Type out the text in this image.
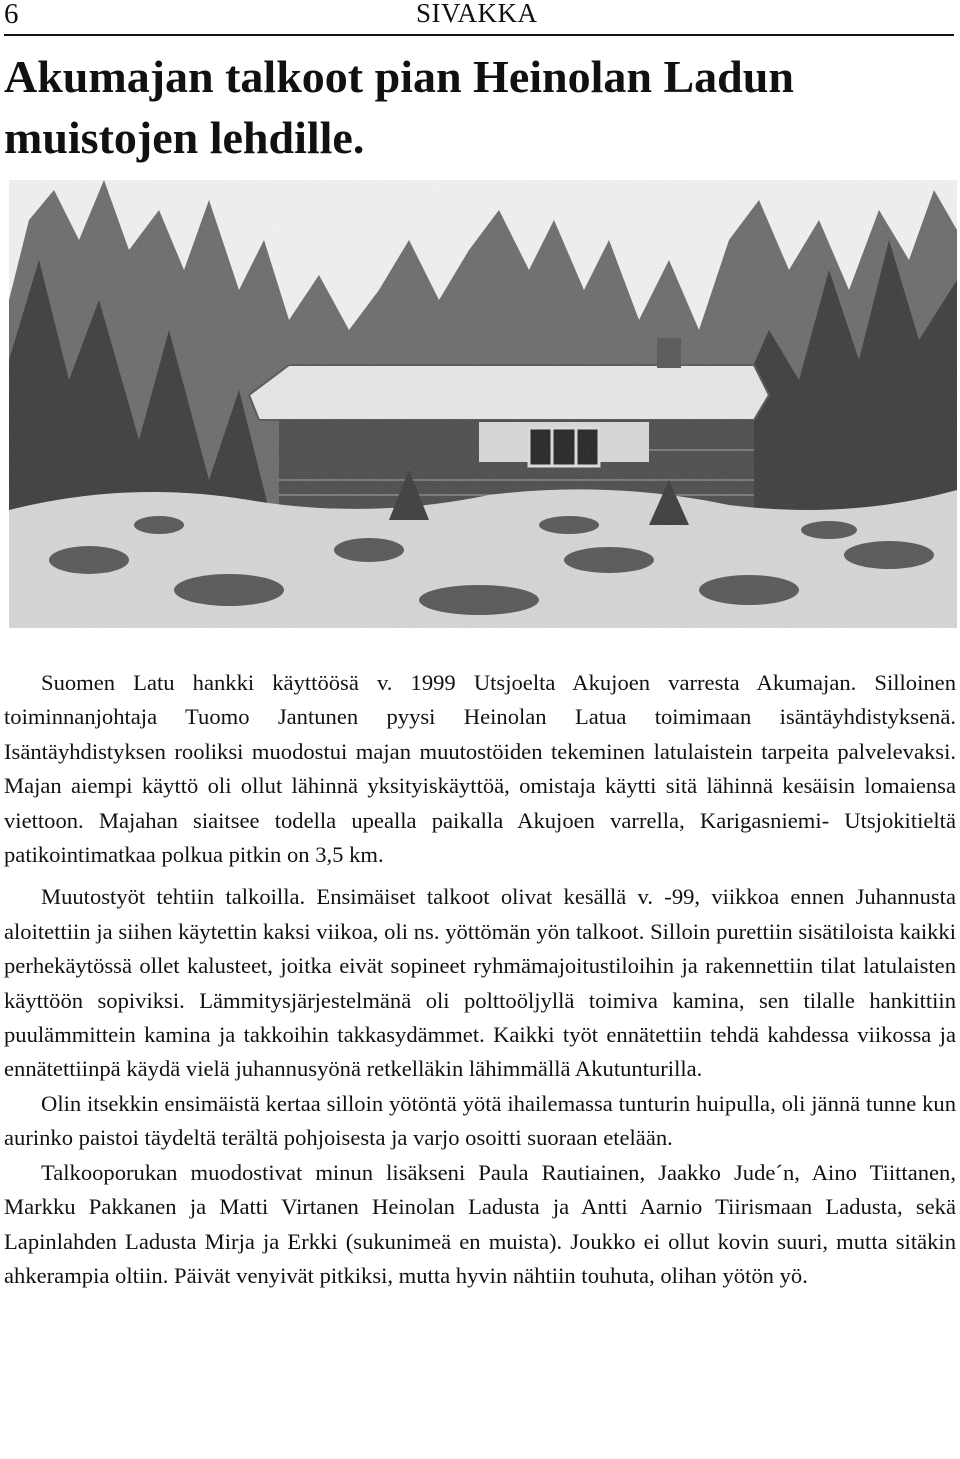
6	SIVAKKA
Akumajan talkoot pian Heinolan Ladun muistojen lehdille.

Suomen Latu hankki käyttöösä v. 1999 Utsjoelta Akujoen varresta Akumajan. Silloinen toiminnanjohtaja Tuomo Jantunen pyysi Heinolan Latua toimimaan isäntäyhdistyksenä. Isäntäyhdistyksen rooliksi muodostui majan muutostöiden tekeminen latulaistein tarpeita palvelevaksi. Majan aiempi käyttö oli ollut lähinnä yksityiskäyttöä, omistaja käytti sitä lähinnä kesäisin lomaiensa viettoon. Majahan siaitsee todella upealla paikalla Akujoen varrella, Karigasniemi- Utsjokitieltä patikointimatkaa polkua pitkin on 3,5 km.

Muutostyöt tehtiin talkoilla. Ensimäiset talkoot olivat kesällä v. -99, viikkoa ennen Juhannusta aloitettiin ja siihen käytettin kaksi viikoa, oli ns. yöttömän yön talkoot. Silloin purettiin sisätiloista kaikki perhekäytössä ollet kalusteet, joitka eivät sopineet ryhmämajoitustiloihin ja rakennettiin tilat latulaisten käyttöön sopiviksi. Lämmitysjärjestelmänä oli polttoöljyllä toimiva kamina, sen tilalle hankittiin puulämmittein kamina ja takkoihin takkasydämmet. Kaikki työt ennätettiin tehdä kahdessa viikossa ja ennätettiinpä käydä vielä juhannusyönä retkelläkin lähimmällä Akutunturilla.

Olin itsekkin ensimäistä kertaa silloin yötöntä yötä ihailemassa tunturin huipulla, oli jännä tunne kun aurinko paistoi täydeltä terältä pohjoisesta ja varjo osoitti suoraan etelään.

Talkooporukan muodostivat minun lisäkseni Paula Rautiainen, Jaakko Jude´n, Aino Tiittanen, Markku Pakkanen ja Matti Virtanen Heinolan Ladusta ja Antti Aarnio Tiirismaan Ladusta, sekä Lapinlahden Ladusta Mirja ja Erkki (sukunimeä en muista). Joukko ei ollut kovin suuri, mutta sitäkin ahkerampia oltiin. Päivät venyivät pitkiksi, mutta hyvin nähtiin touhuta, olihan yötön yö.
